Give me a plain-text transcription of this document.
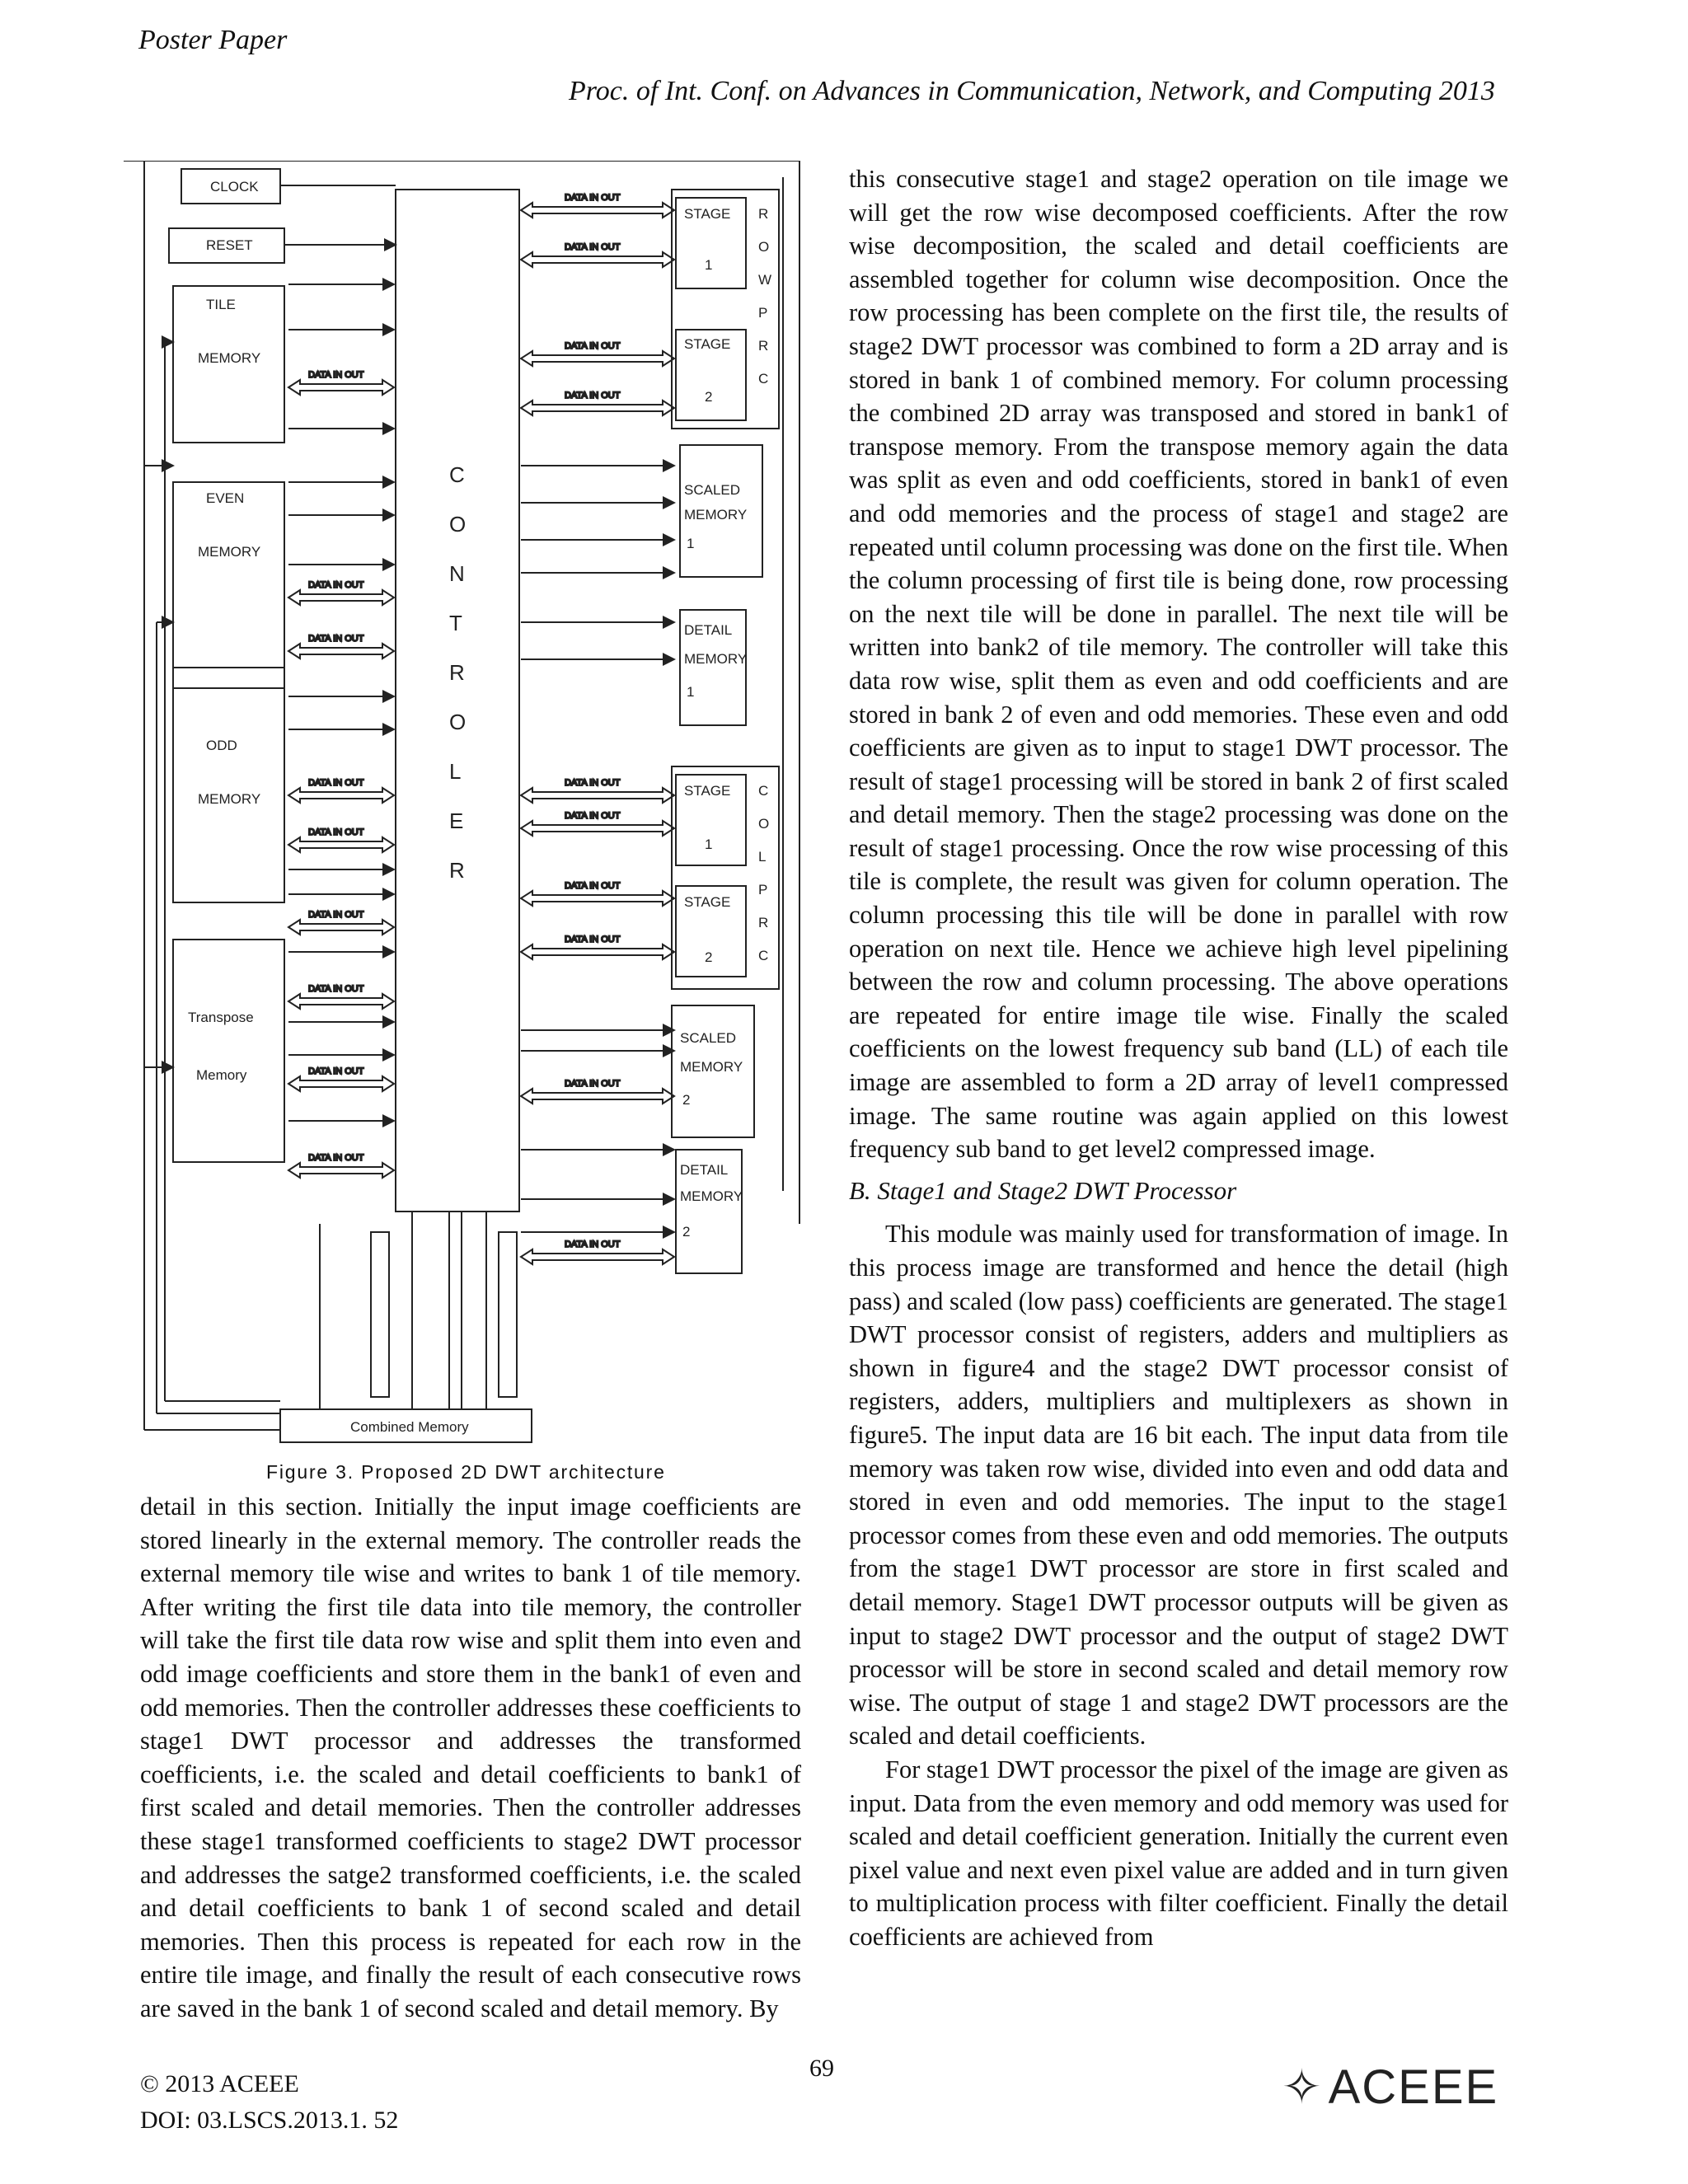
Poster Paper
Proc. of Int. Conf. on Advances in Communication, Network, and Computing 2013
DATA IN OUT
DATA IN OUT
DATA IN OUT
DATA IN OUT
DATA IN OUT
DATA IN OUT
DATA IN OUT
DATA IN OUT
DATA IN OUT
DATA IN OUT
DATA IN OUT
DATA IN OUT
DATA IN OUT
DATA IN OUT
DATA IN OUT
DATA IN OUT
DATA IN OUT
DATA IN OUT
DATA IN OUT
CLOCK
RESET
TILE
MEMORY
EVEN
MEMORY
ODD
MEMORY
Transpose
Memory
Combined Memory
STAGE
1
STAGE
2
SCALED
MEMORY
1
DETAIL
MEMORY
1
STAGE
1
STAGE
2
SCALED
MEMORY
2
DETAIL
MEMORY
2
C
O
N
T
R
O
L
E
R
R
O
W
P
R
C
C
O
L
P
R
C
Figure 3. Proposed 2D DWT architecture

detail in this section. Initially the input image coefficients are stored linearly in the external memory. The controller reads the external memory tile wise and writes to bank 1 of tile memory. After writing the first tile data into tile memory, the controller will take the first tile data row wise and split them into even and odd image coefficients and store them in the bank1 of even and odd memories. Then the controller addresses these coefficients to stage1 DWT processor and addresses the transformed coefficients, i.e. the scaled and detail coefficients to bank1 of first scaled and detail memories. Then the controller addresses these stage1 transformed coefficients to stage2 DWT processor and addresses the satge2 transformed coefficients, i.e. the scaled and detail coefficients to bank 1 of second scaled and detail memories. Then this process is repeated for each row in the entire tile image, and finally the result of each consecutive rows are saved in the bank 1 of second scaled and detail memory. By

this consecutive stage1 and stage2 operation on tile image we will get the row wise decomposed coefficients. After the row wise decomposition, the scaled and detail coefficients are assembled together for column wise decomposition. Once the row processing has been complete on the first tile, the results of stage2 DWT processor was combined to form a 2D array and is stored in bank 1 of combined memory. For column processing the combined 2D array was transposed and stored in bank1 of transpose memory. From the transpose memory again the data was split as even and odd coefficients, stored in bank1 of even and odd memories and the process of stage1 and stage2 are repeated until column processing was done on the first tile. When the column processing of first tile is being done, row processing on the next tile will be done in parallel. The next tile will be written into bank2 of tile memory. The controller will take this data row wise, split them as even and odd coefficients and are stored in bank 2 of even and odd memories. These even and odd coefficients are given as to input to stage1 DWT processor. The result of stage1 processing will be stored in bank 2 of first scaled and detail memory. Then the stage2 processing was done on the result of stage1 processing. Once the row wise processing of this tile is complete, the result was given for column operation. The column processing this tile will be done in parallel with row operation on next tile. Hence we achieve high level pipelining between the row and column processing. The above operations are repeated for entire image tile wise. Finally the scaled coefficients on the lowest frequency sub band (LL) of each tile image are assembled to form a 2D array of level1 compressed image. The same routine was again applied on this lowest frequency sub band to get level2 compressed image.

B. Stage1 and Stage2 DWT Processor

This module was mainly used for transformation of image. In this process image are transformed and hence the detail (high pass) and scaled (low pass) coefficients are generated. The stage1 DWT processor consist of registers, adders and multipliers as shown in figure4 and the stage2 DWT processor consist of registers, adders, multipliers and multiplexers as shown in figure5. The input data are 16 bit each. The input data from tile memory was taken row wise, divided into even and odd data and stored in even and odd memories. The input to the stage1 processor comes from these even and odd memories. The outputs from the stage1 DWT processor are store in first scaled and detail memory. Stage1 DWT processor outputs will be given as input to stage2 DWT processor and the output of stage2 DWT processor will be store in second scaled and detail memory row wise. The output of stage 1 and stage2 DWT processors are the scaled and detail coefficients.

For stage1 DWT processor the pixel of the image are given as input. Data from the even memory and odd memory was used for scaled and detail coefficient generation. Initially the current even pixel value and next even pixel value are added and in turn given to multiplication process with filter coefficient. Finally the detail coefficients are achieved from

69
© 2013 ACEEE
DOI: 03.LSCS.2013.1. 52
✧ ACEEE
